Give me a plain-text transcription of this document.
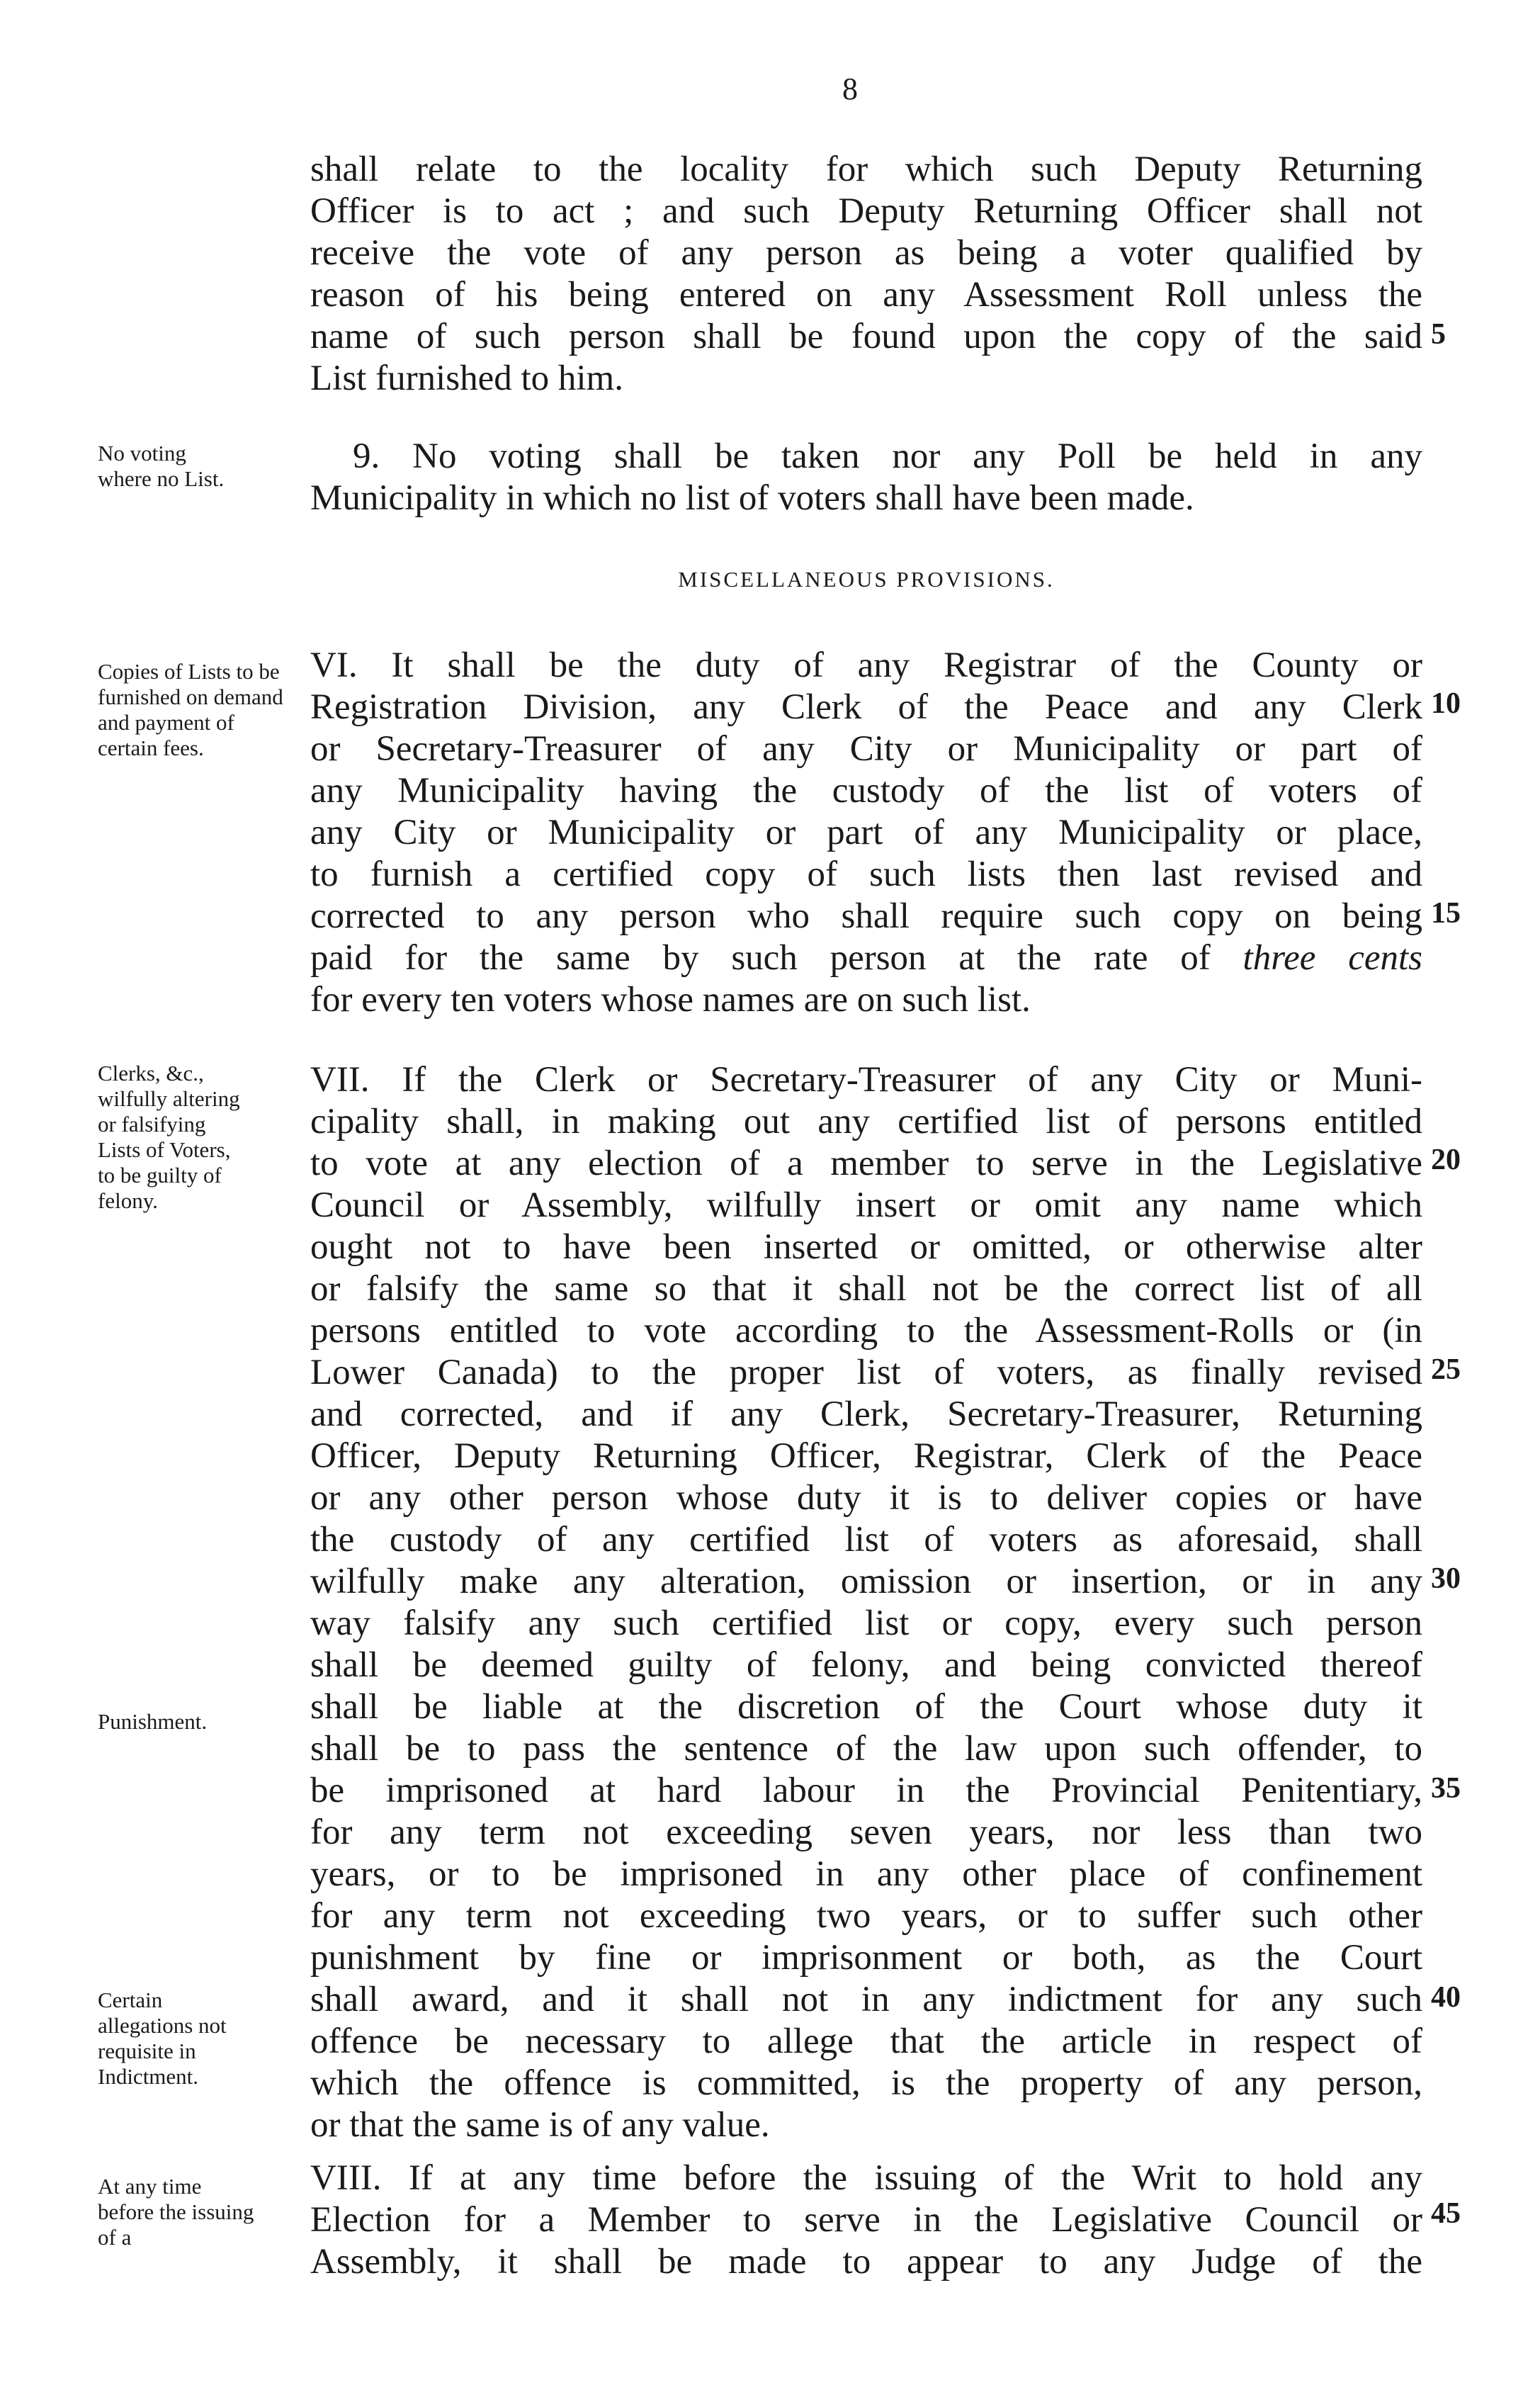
8
shall relate to the locality for which such Deputy Returning
Officer is to act ; and such Deputy Returning Officer shall not
receive the vote of any person as being a voter qualified by
reason of his being entered on any Assessment Roll unless the
name of such person shall be found upon the copy of the said
List furnished to him.
9. No voting shall be taken nor any Poll be held in any
Municipality in which no list of voters shall have been made.
MISCELLANEOUS PROVISIONS.
VI. It shall be the duty of any Registrar of the County or
Registration Division, any Clerk of the Peace and any Clerk
or Secretary-Treasurer of any City or Municipality or part of
any Municipality having the custody of the list of voters of
any City or Municipality or part of any Municipality or place,
to furnish a certified copy of such lists then last revised and
corrected to any person who shall require such copy on being
paid for the same by such person at the rate of three cents
for every ten voters whose names are on such list.
VII. If the Clerk or Secretary-Treasurer of any City or Muni-
cipality shall, in making out any certified list of persons entitled
to vote at any election of a member to serve in the Legislative
Council or Assembly, wilfully insert or omit any name which
ought not to have been inserted or omitted, or otherwise alter
or falsify the same so that it shall not be the correct list of all
persons entitled to vote according to the Assessment-Rolls or (in
Lower Canada) to the proper list of voters, as finally revised
and corrected, and if any Clerk, Secretary-Treasurer, Returning
Officer, Deputy Returning Officer, Registrar, Clerk of the Peace
or any other person whose duty it is to deliver copies or have
the custody of any certified list of voters as aforesaid, shall
wilfully make any alteration, omission or insertion, or in any
way falsify any such certified list or copy, every such person
shall be deemed guilty of felony, and being convicted thereof
shall be liable at the discretion of the Court whose duty it
shall be to pass the sentence of the law upon such offender, to
be imprisoned at hard labour in the Provincial Penitentiary,
for any term not exceeding seven years, nor less than two
years, or to be imprisoned in any other place of confinement
for any term not exceeding two years, or to suffer such other
punishment by fine or imprisonment or both, as the Court
shall award, and it shall not in any indictment for any such
offence be necessary to allege that the article in respect of
which the offence is committed, is the property of any person,
or that the same is of any value.
VIII. If at any time before the issuing of the Writ to hold any
Election for a Member to serve in the Legislative Council or
Assembly, it shall be made to appear to any Judge of the
No voting where no List.
Copies of Lists to be furnished on demand and payment of certain fees.
Clerks, &c., wilfully altering or falsifying Lists of Voters, to be guilty of felony.
Punishment.
Certain allegations not requisite in Indictment.
At any time before the issuing of a
5
10
15
20
25
30
35
40
45
